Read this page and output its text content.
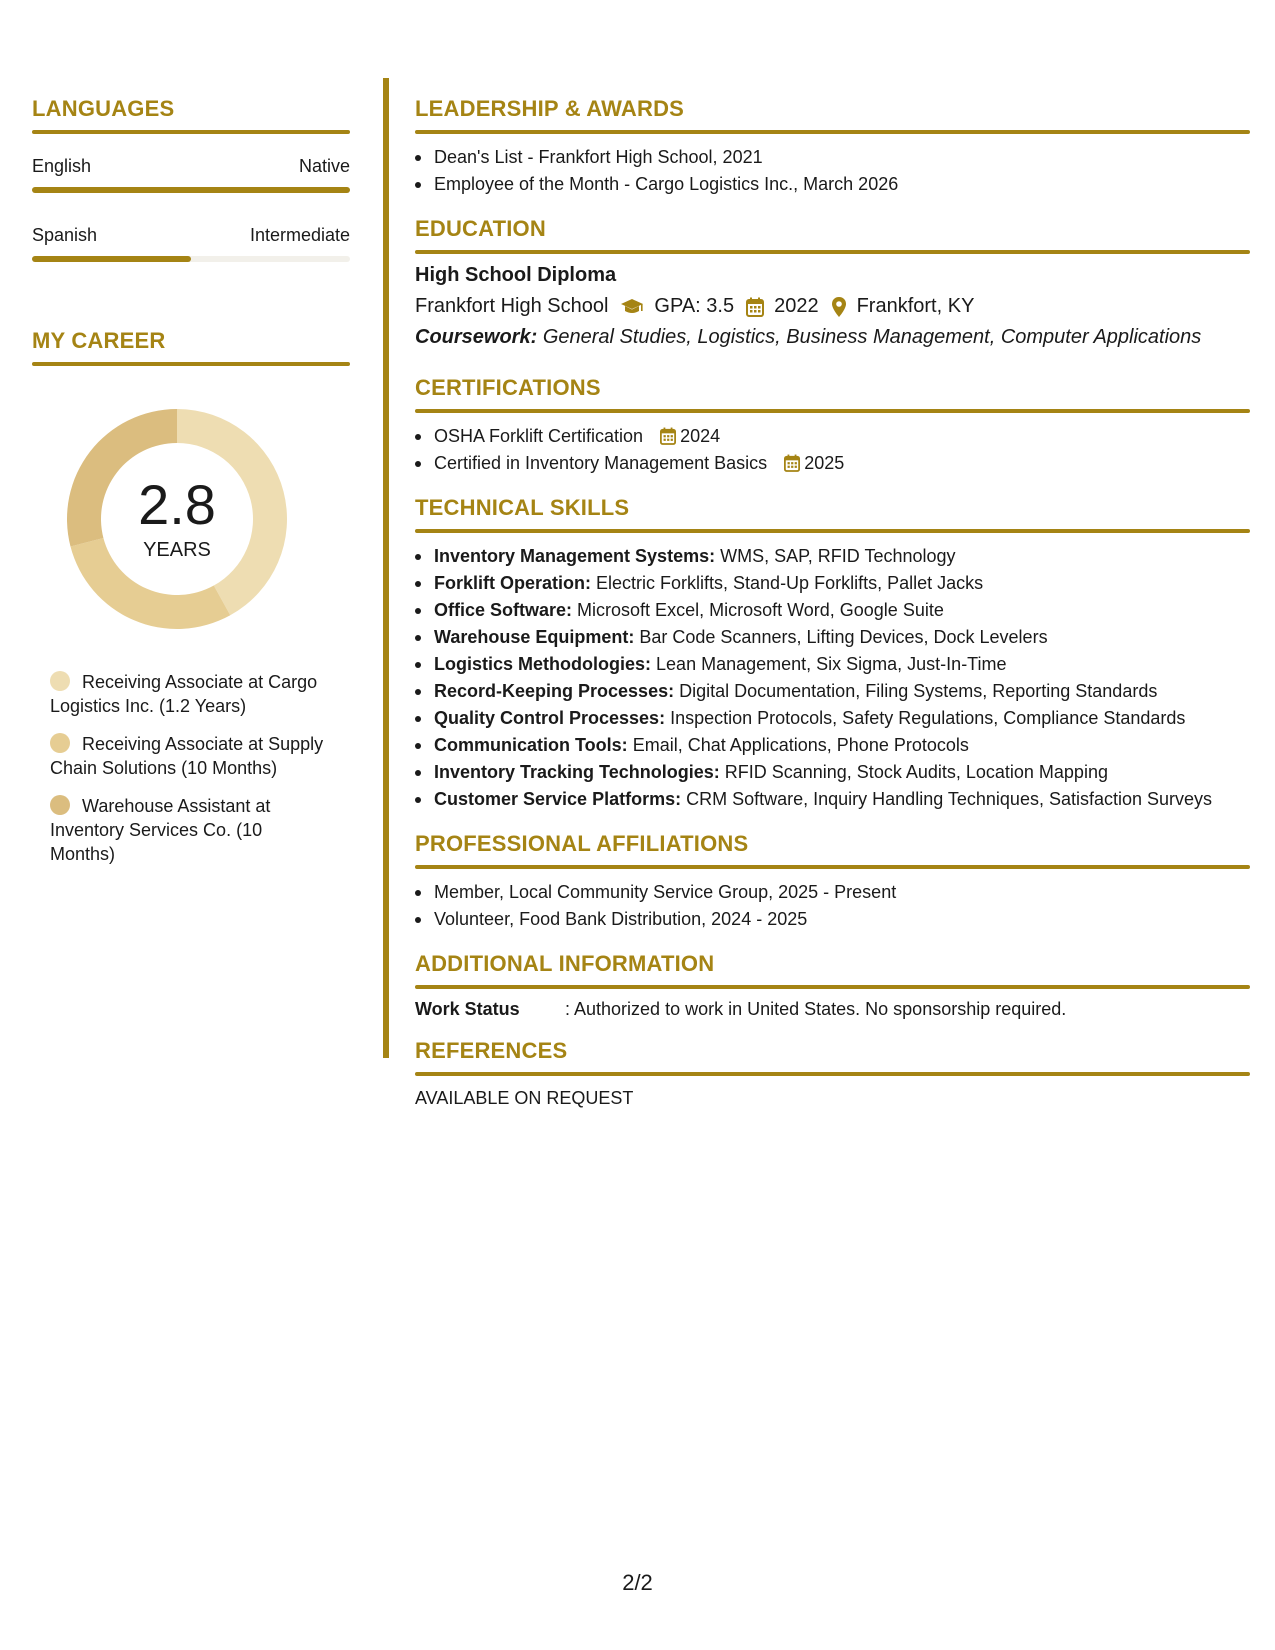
LANGUAGES
English	Native
Spanish	Intermediate
MY CAREER
2.8
YEARS
Receiving Associate at Cargo Logistics Inc. (1.2 Years)
Receiving Associate at Supply Chain Solutions (10 Months)
Warehouse Assistant at Inventory Services Co. (10 Months)
LEADERSHIP & AWARDS
Dean's List - Frankfort High School, 2021
Employee of the Month - Cargo Logistics Inc., March 2026
EDUCATION
High School Diploma
Frankfort High School GPA: 3.5 2022 Frankfort, KY
Coursework: General Studies, Logistics, Business Management, Computer Applications
CERTIFICATIONS
OSHA Forklift Certification 2024
Certified in Inventory Management Basics 2025
TECHNICAL SKILLS
Inventory Management Systems: WMS, SAP, RFID Technology
Forklift Operation: Electric Forklifts, Stand-Up Forklifts, Pallet Jacks
Office Software: Microsoft Excel, Microsoft Word, Google Suite
Warehouse Equipment: Bar Code Scanners, Lifting Devices, Dock Levelers
Logistics Methodologies: Lean Management, Six Sigma, Just-In-Time
Record-Keeping Processes: Digital Documentation, Filing Systems, Reporting Standards
Quality Control Processes: Inspection Protocols, Safety Regulations, Compliance Standards
Communication Tools: Email, Chat Applications, Phone Protocols
Inventory Tracking Technologies: RFID Scanning, Stock Audits, Location Mapping
Customer Service Platforms: CRM Software, Inquiry Handling Techniques, Satisfaction Surveys
PROFESSIONAL AFFILIATIONS
Member, Local Community Service Group, 2025 - Present
Volunteer, Food Bank Distribution, 2024 - 2025
ADDITIONAL INFORMATION
Work Status	: Authorized to work in United States. No sponsorship required.
REFERENCES
AVAILABLE ON REQUEST
2/2
